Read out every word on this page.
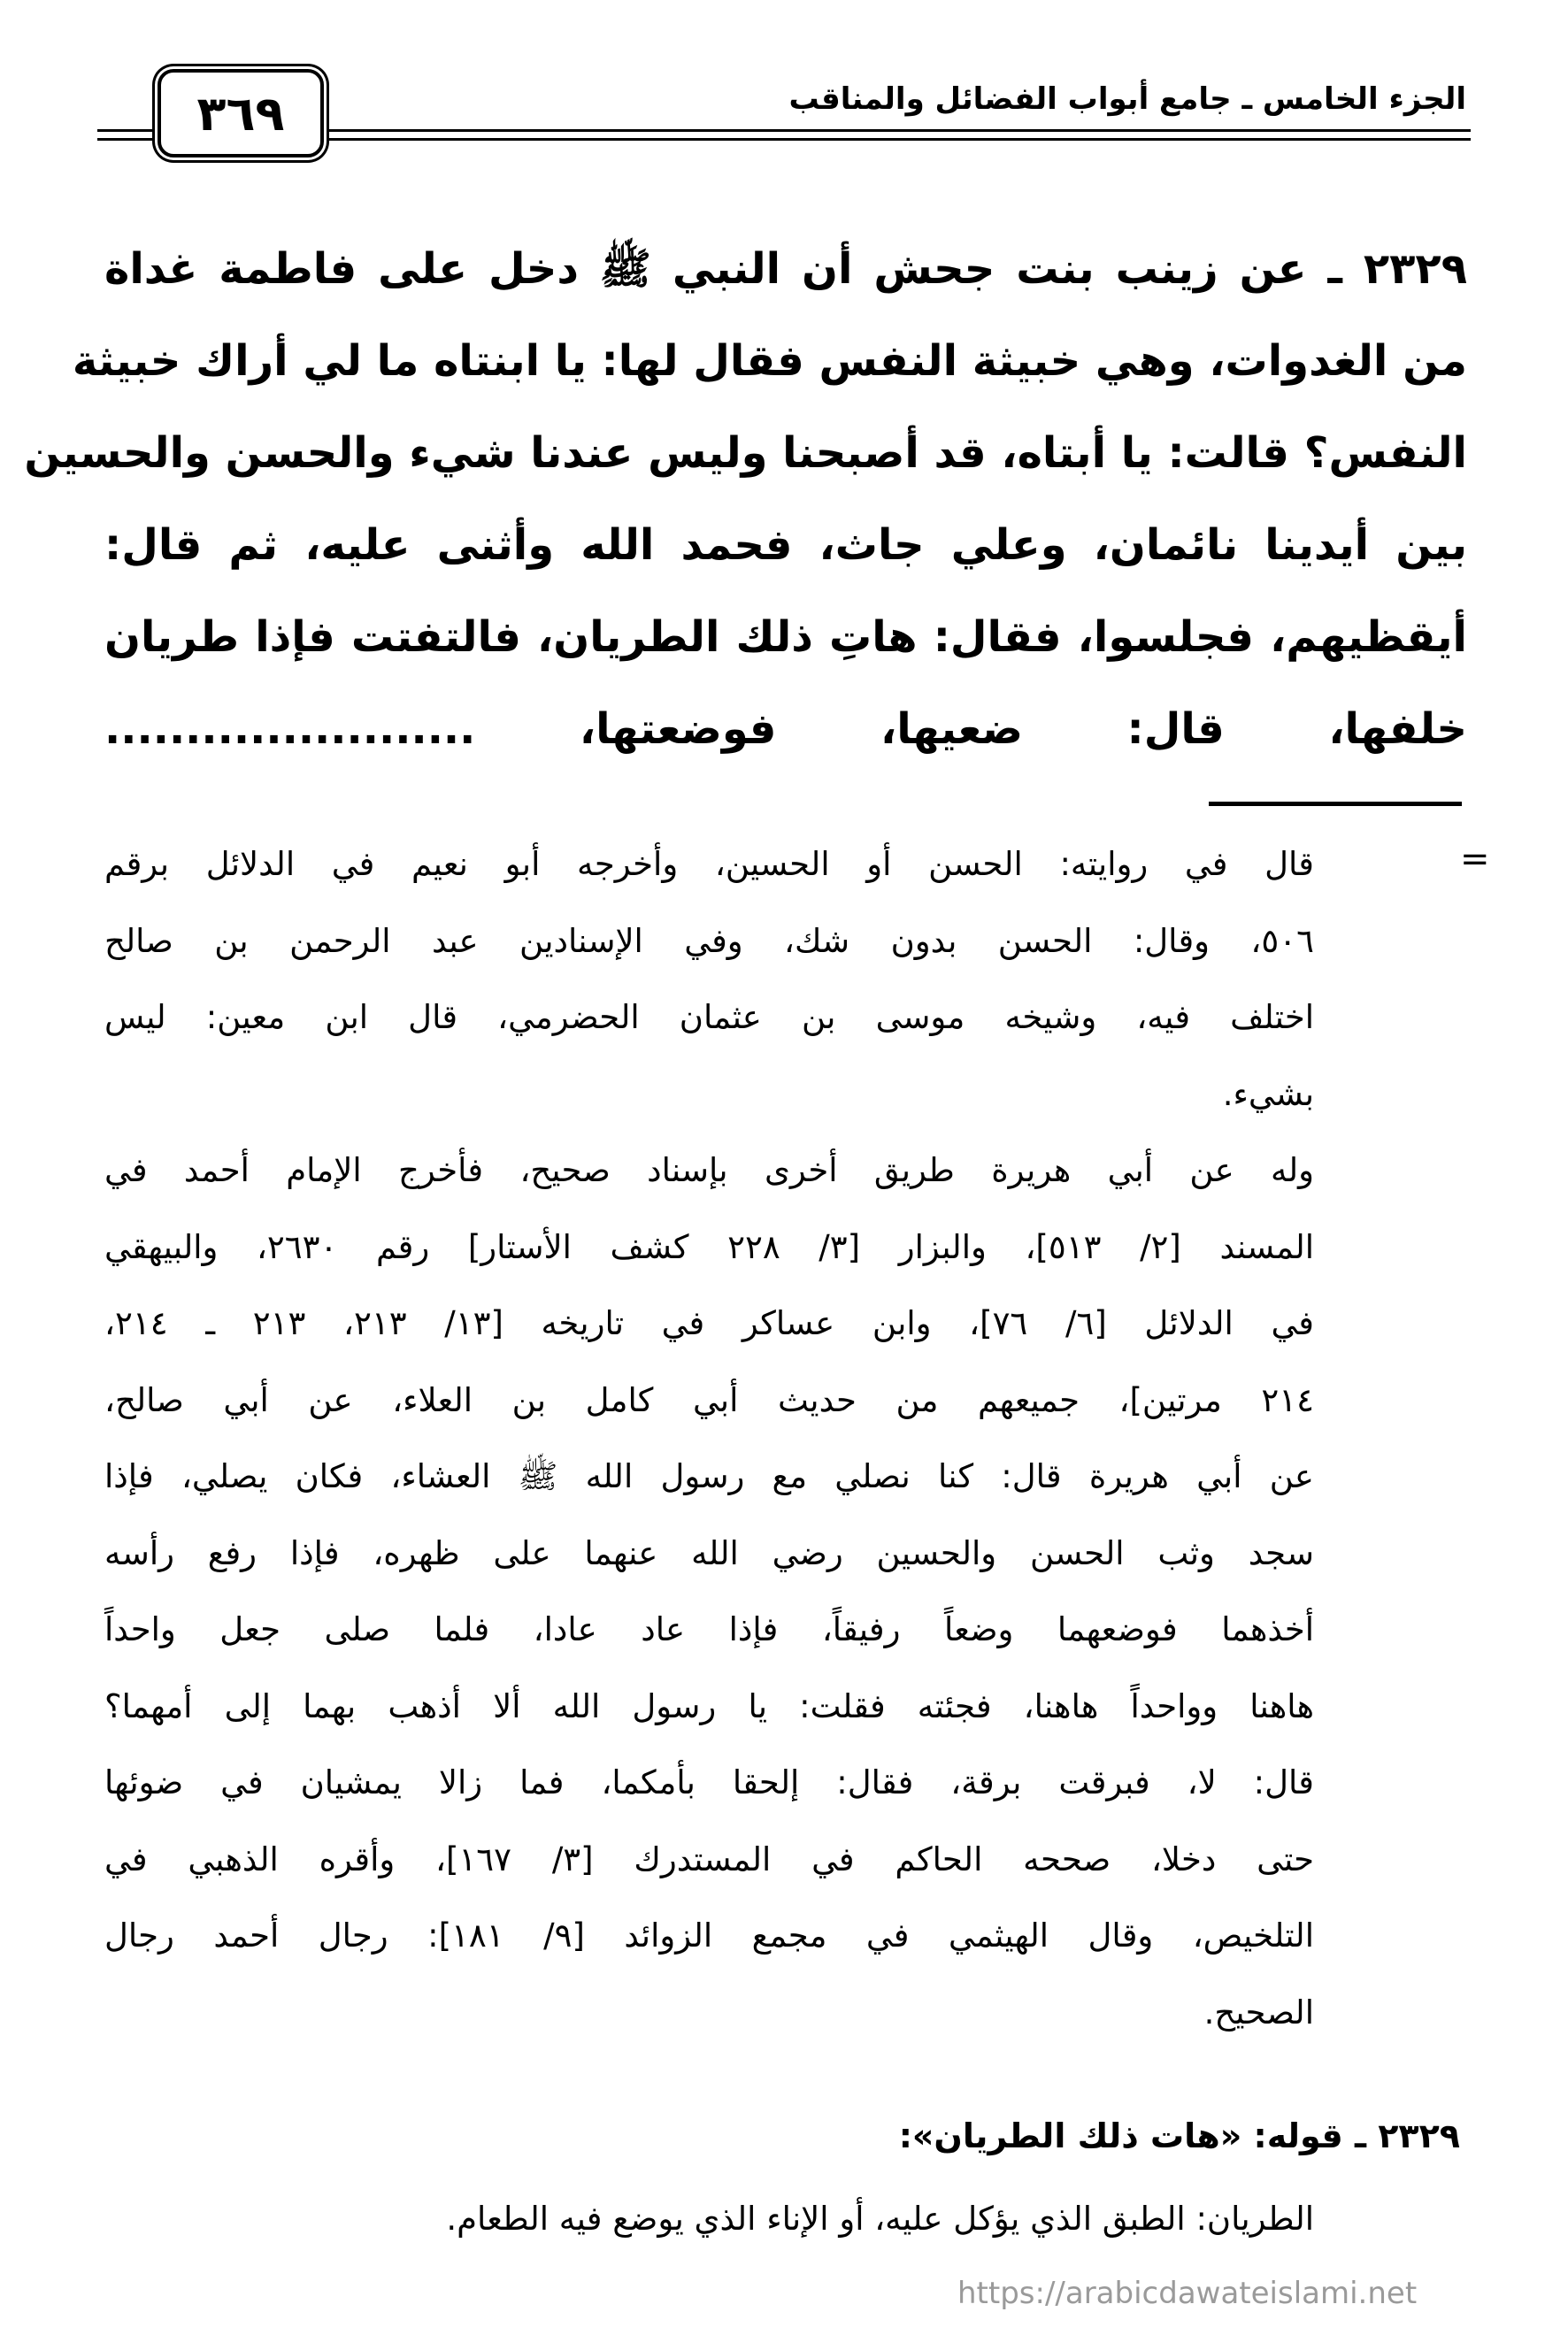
الجزء الخامس ـ جامع أبواب الفضائل والمناقب
٣٦٩
٢٣٢٩ ـ عن زينب بنت جحش أن النبي ﷺ دخل على فاطمة غداة
من الغدوات، وهي خبيثة النفس فقال لها: يا ابنتاه ما لي أراك خبيثة
النفس؟ قالت: يا أبتاه، قد أصبحنا وليس عندنا شيء والحسن والحسين
بين أيدينا نائمان، وعلي جاث، فحمد الله وأثنى عليه، ثم قال:
أيقظيهم، فجلسوا، فقال: هاتِ ذلك الطريان، فالتفتت فإذا طريان
خلفها، قال: ضعيها، فوضعتها، .......................
=
قال في روايته: الحسن أو الحسين، وأخرجه أبو نعيم في الدلائل برقم
٥٠٦، وقال: الحسن بدون شك، وفي الإسنادين عبد الرحمن بن صالح
اختلف فيه، وشيخه موسى بن عثمان الحضرمي، قال ابن معين: ليس
بشيء.
وله عن أبي هريرة طريق أخرى بإسناد صحيح، فأخرج الإمام أحمد في
المسند [٢/ ٥١٣]، والبزار [٣/ ٢٢٨ كشف الأستار] رقم ٢٦٣٠، والبيهقي
في الدلائل [٦/ ٧٦]، وابن عساكر في تاريخه [١٣/ ٢١٣، ٢١٣ ـ ٢١٤،
٢١٤ مرتين]، جميعهم من حديث أبي كامل بن العلاء، عن أبي صالح،
عن أبي هريرة قال: كنا نصلي مع رسول الله ﷺ العشاء، فكان يصلي، فإذا
سجد وثب الحسن والحسين رضي الله عنهما على ظهره، فإذا رفع رأسه
أخذهما فوضعهما وضعاً رفيقاً، فإذا عاد عادا، فلما صلى جعل واحداً
هاهنا وواحداً هاهنا، فجئته فقلت: يا رسول الله ألا أذهب بهما إلى أمهما؟
قال: لا، فبرقت برقة، فقال: إلحقا بأمكما، فما زالا يمشيان في ضوئها
حتى دخلا، صححه الحاكم في المستدرك [٣/ ١٦٧]، وأقره الذهبي في
التلخيص، وقال الهيثمي في مجمع الزوائد [٩/ ١٨١]: رجال أحمد رجال
الصحيح.
٢٣٢٩ ـ قوله: «هات ذلك الطريان»:
الطريان: الطبق الذي يؤكل عليه، أو الإناء الذي يوضع فيه الطعام.
https://arabicdawateislami.net
